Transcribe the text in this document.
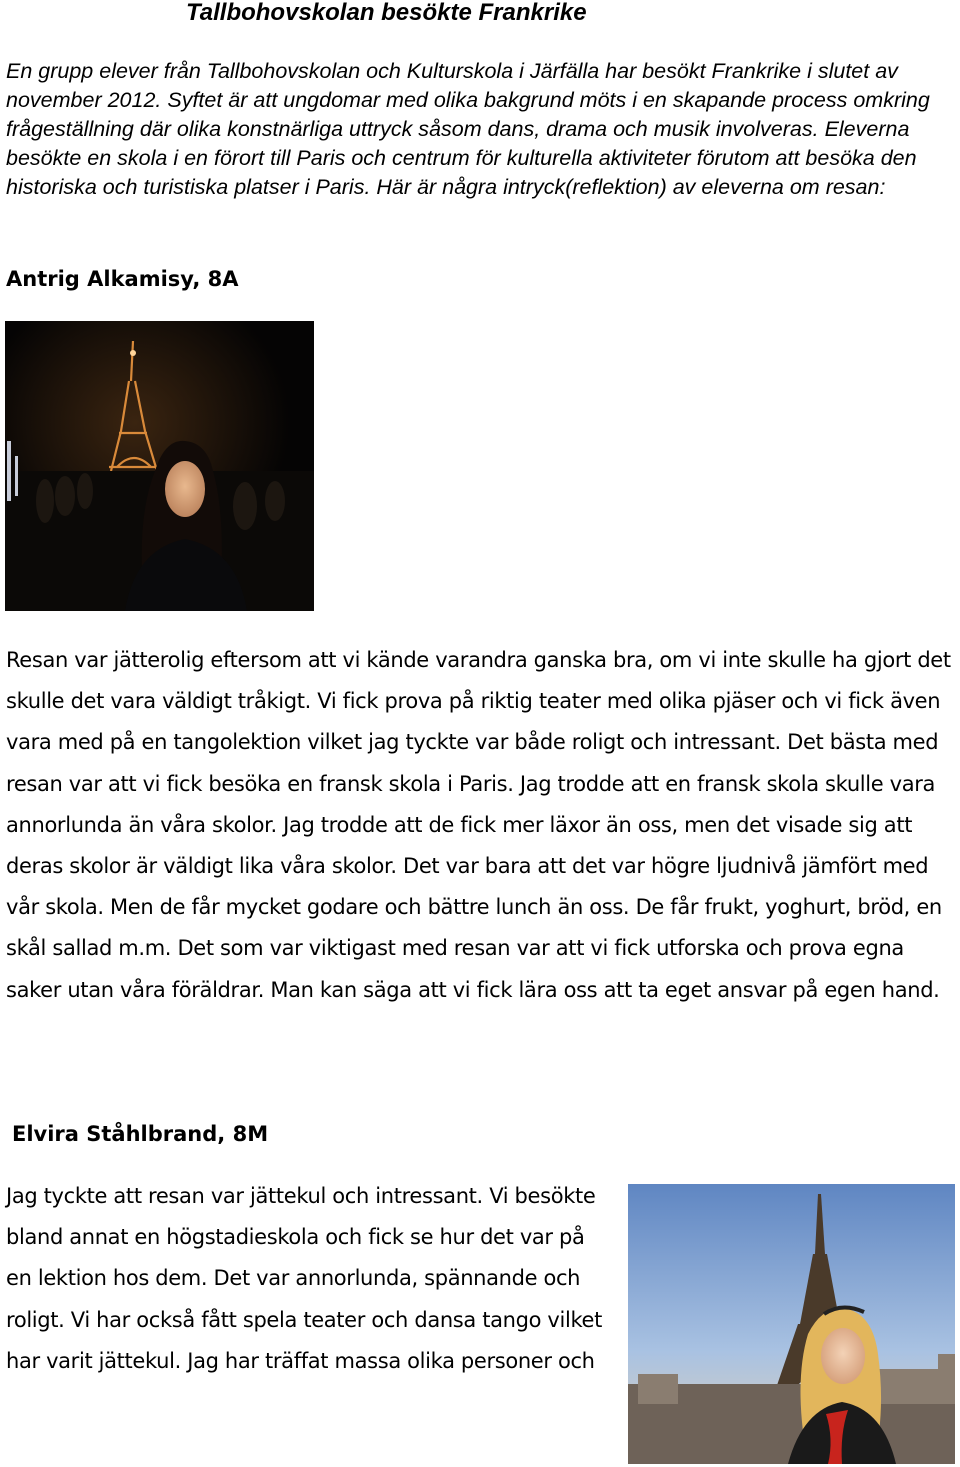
Tallbohovskolan besökte Frankrike

En grupp elever från Tallbohovskolan och Kulturskola i Järfälla har besökt Frankrike i slutet av november 2012. Syftet är att ungdomar med olika bakgrund möts i en skapande process omkring frågeställning där olika konstnärliga uttryck såsom dans, drama och musik involveras. Eleverna besökte en skola i en förort till Paris och centrum för kulturella aktiviteter förutom att besöka den historiska och turistiska platser i Paris. Här är några intryck(reflektion) av eleverna om resan:

Antrig Alkamisy, 8A

Resan var jätterolig eftersom att vi kände varandra ganska bra, om vi inte skulle ha gjort det skulle det vara väldigt tråkigt. Vi fick prova på riktig teater med olika pjäser och vi fick även vara med på en tangolektion vilket jag tyckte var både roligt och intressant. Det bästa med resan var att vi fick besöka en fransk skola i Paris. Jag trodde att en fransk skola skulle vara annorlunda än våra skolor. Jag trodde att de fick mer läxor än oss, men det visade sig att deras skolor är väldigt lika våra skolor. Det var bara att det var högre ljudnivå jämfört med vår skola. Men de får mycket godare och bättre lunch än oss. De får frukt, yoghurt, bröd, en skål sallad m.m. Det som var viktigast med resan var att vi fick utforska och prova egna saker utan våra föräldrar. Man kan säga att vi fick lära oss att ta eget ansvar på egen hand.

Elvira Ståhlbrand, 8M

Jag tyckte att resan var jättekul och intressant. Vi besökte bland annat en högstadieskola och fick se hur det var på en lektion hos dem. Det var annorlunda, spännande och roligt. Vi har också fått spela teater och dansa tango vilket har varit jättekul. Jag har träffat massa olika personer och
